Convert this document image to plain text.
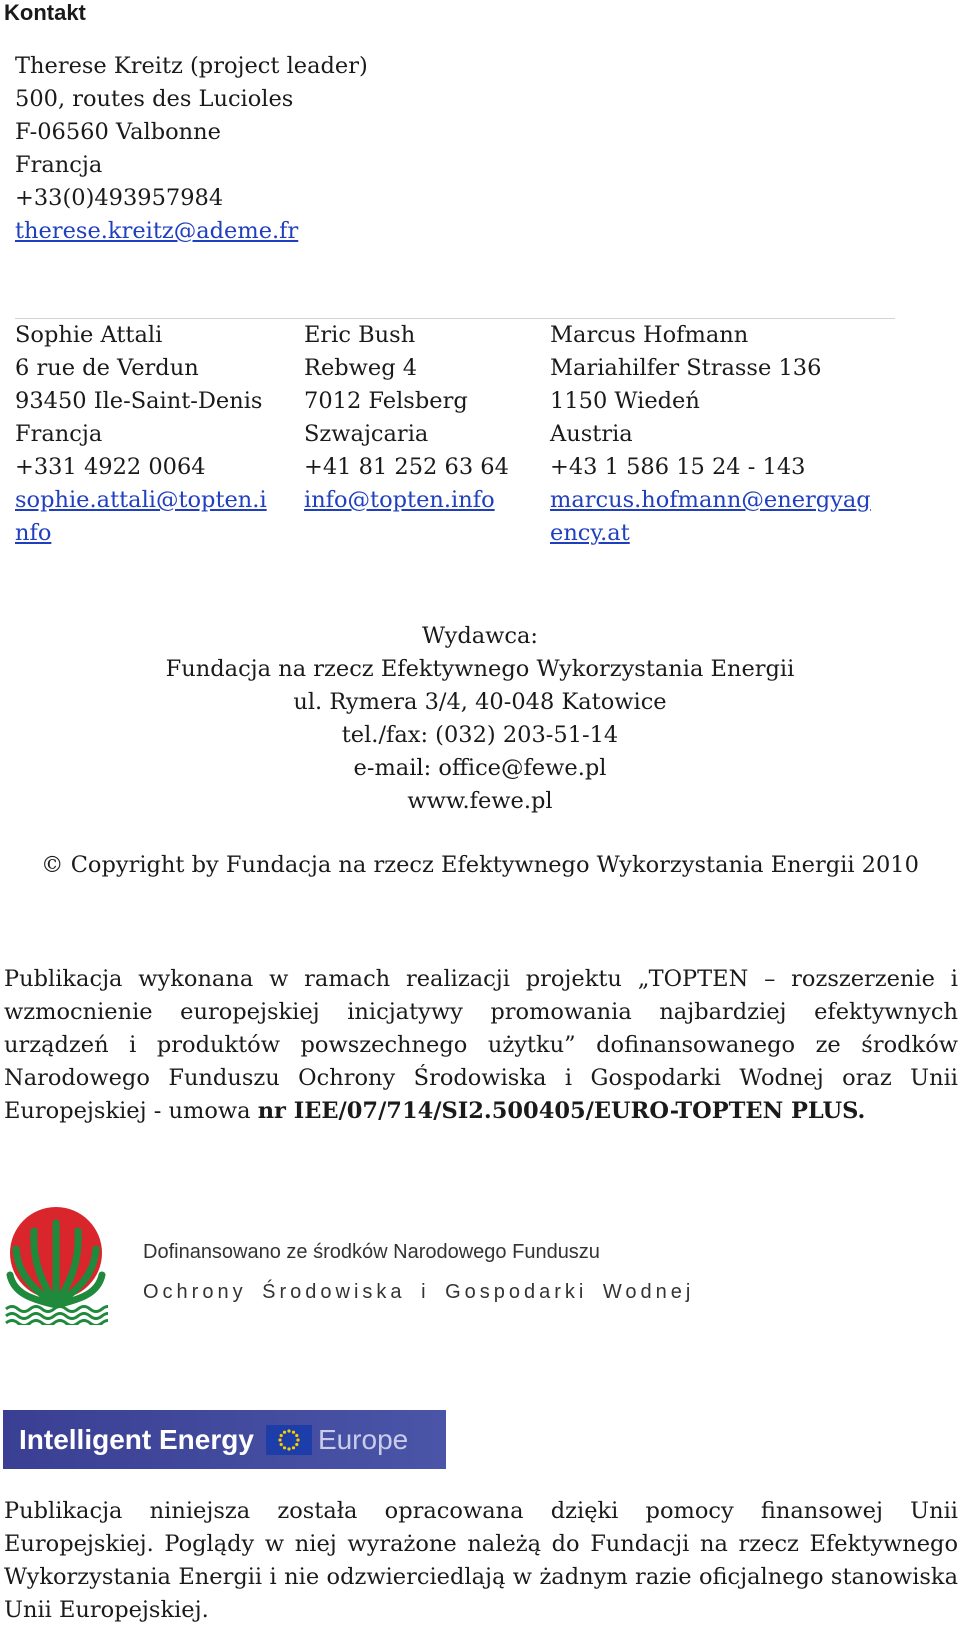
Kontakt
Therese Kreitz (project leader)
500, routes des Lucioles
F-06560 Valbonne
Francja
+33(0)493957984
therese.kreitz@ademe.fr
Sophie Attali
6 rue de Verdun
93450 Ile-Saint-Denis
Francja
+331 4922 0064
sophie.attali@topten.info
Eric Bush
Rebweg 4
7012 Felsberg
Szwajcaria
+41 81 252 63 64
info@topten.info
Marcus Hofmann
Mariahilfer Strasse 136
1150 Wiedeń
Austria
+43 1 586 15 24 - 143
marcus.hofmann@energyagency.at
Wydawca:
Fundacja na rzecz Efektywnego Wykorzystania Energii
ul. Rymera 3/4, 40-048 Katowice
tel./fax: (032) 203-51-14
e-mail: office@fewe.pl
www.fewe.pl
© Copyright by Fundacja na rzecz Efektywnego Wykorzystania Energii 2010
Publikacja wykonana w ramach realizacji projektu „TOPTEN – rozszerzenie i wzmocnienie europejskiej inicjatywy promowania najbardziej efektywnych urządzeń i produktów powszechnego użytku” dofinansowanego ze środków Narodowego Funduszu Ochrony Środowiska i Gospodarki Wodnej oraz Unii Europejskiej - umowa nr IEE/07/714/SI2.500405/EURO-TOPTEN PLUS.
Dofinansowano ze środków Narodowego Funduszu
Ochrony Środowiska i Gospodarki Wodnej
Intelligent Energy Europe
Publikacja niniejsza została opracowana dzięki pomocy finansowej Unii Europejskiej. Poglądy w niej wyrażone należą do Fundacji na rzecz Efektywnego Wykorzystania Energii i nie odzwierciedlają w żadnym razie oficjalnego stanowiska Unii Europejskiej.
